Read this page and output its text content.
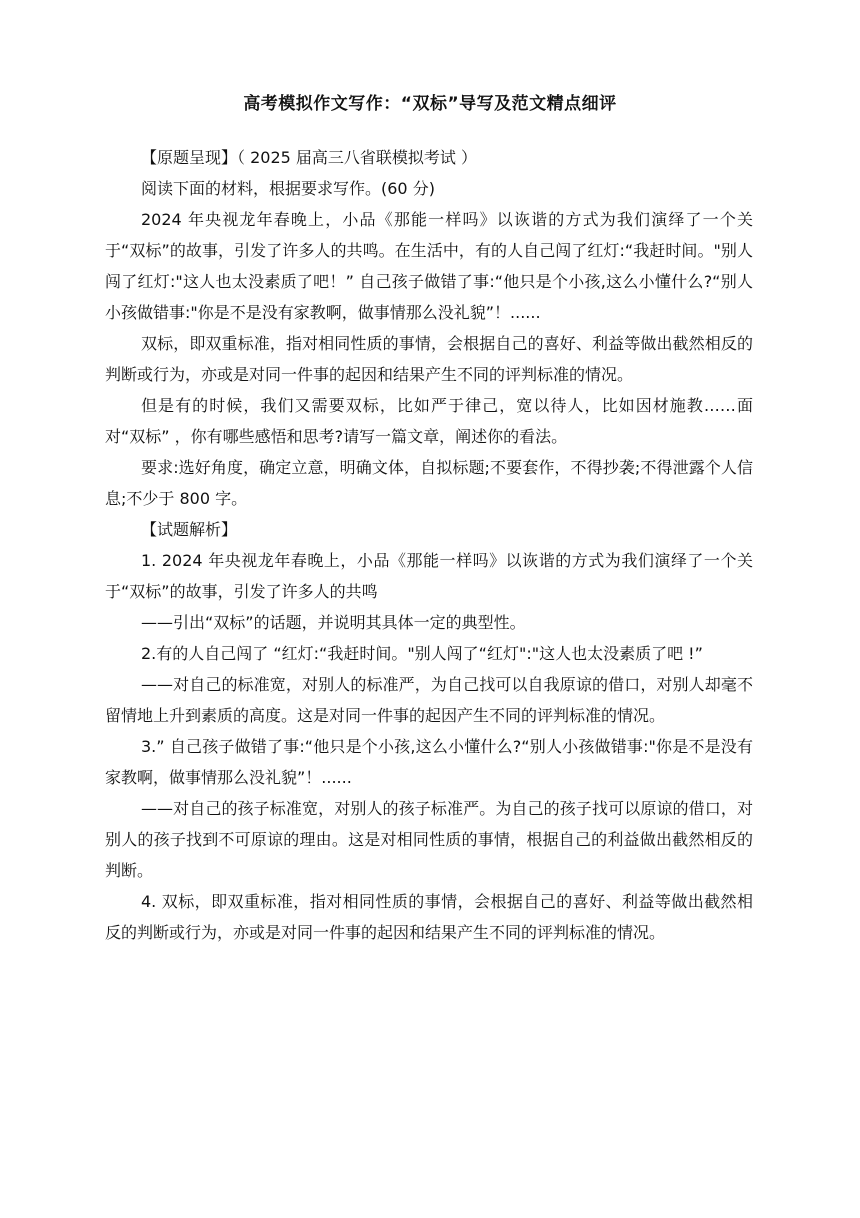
高考模拟作文写作：“双标”导写及范文精点细评

【原题呈现】（ 2025 届高三八省联模拟考试 ）

阅读下面的材料，根据要求写作。(60 分)

2024 年央视龙年春晚上，小品《那能一样吗》以诙谐的方式为我们演绎了一个关于“双标”的故事，引发了许多人的共鸣。在生活中，有的人自己闯了红灯:“我赶时间。"别人闯了红灯:"这人也太没素质了吧！” 自己孩子做错了事:“他只是个小孩,这么小懂什么?“别人小孩做错事:"你是不是没有家教啊，做事情那么没礼貌”！......

双标，即双重标准，指对相同性质的事情，会根据自己的喜好、利益等做出截然相反的判断或行为，亦或是对同一件事的起因和结果产生不同的评判标准的情况。

但是有的时候，我们又需要双标，比如严于律己，宽以待人，比如因材施教……面对“双标” ，你有哪些感悟和思考?请写一篇文章，阐述你的看法。

要求:选好角度，确定立意，明确文体，自拟标题;不要套作，不得抄袭;不得泄露个人信息;不少于 800 字。

【试题解析】

1. 2024 年央视龙年春晚上，小品《那能一样吗》以诙谐的方式为我们演绎了一个关于“双标”的故事，引发了许多人的共鸣

——引出“双标”的话题，并说明其具体一定的典型性。

2.有的人自己闯了 “红灯:“我赶时间。"别人闯了“红灯":"这人也太没素质了吧 !”

——对自己的标准宽，对别人的标准严，为自己找可以自我原谅的借口，对别人却毫不留情地上升到素质的高度。这是对同一件事的起因产生不同的评判标准的情况。

3.” 自己孩子做错了事:“他只是个小孩,这么小懂什么?“别人小孩做错事:"你是不是没有家教啊，做事情那么没礼貌”！......

——对自己的孩子标准宽，对别人的孩子标准严。为自己的孩子找可以原谅的借口，对别人的孩子找到不可原谅的理由。这是对相同性质的事情，根据自己的利益做出截然相反的判断。

4. 双标，即双重标准，指对相同性质的事情，会根据自己的喜好、利益等做出截然相反的判断或行为，亦或是对同一件事的起因和结果产生不同的评判标准的情况。
